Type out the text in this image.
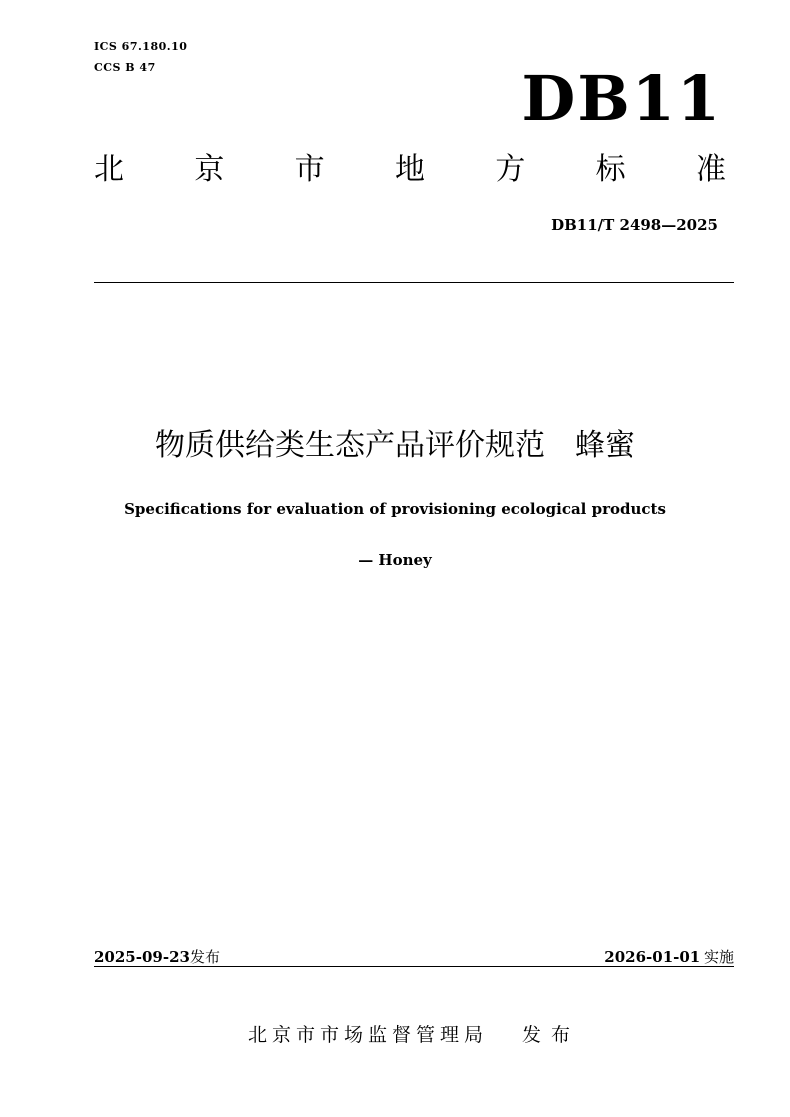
ICS 67.180.10
CCS B 47	DB11
北 京 市 地 方 标 准
DB11/T 2498—2025
物质供给类生态产品评价规范　蜂蜜
Specifications for evaluation of provisioning ecological products
— Honey
2025-09-23发布	2026-01-01 实施
北京市市场监督管理局 发布
